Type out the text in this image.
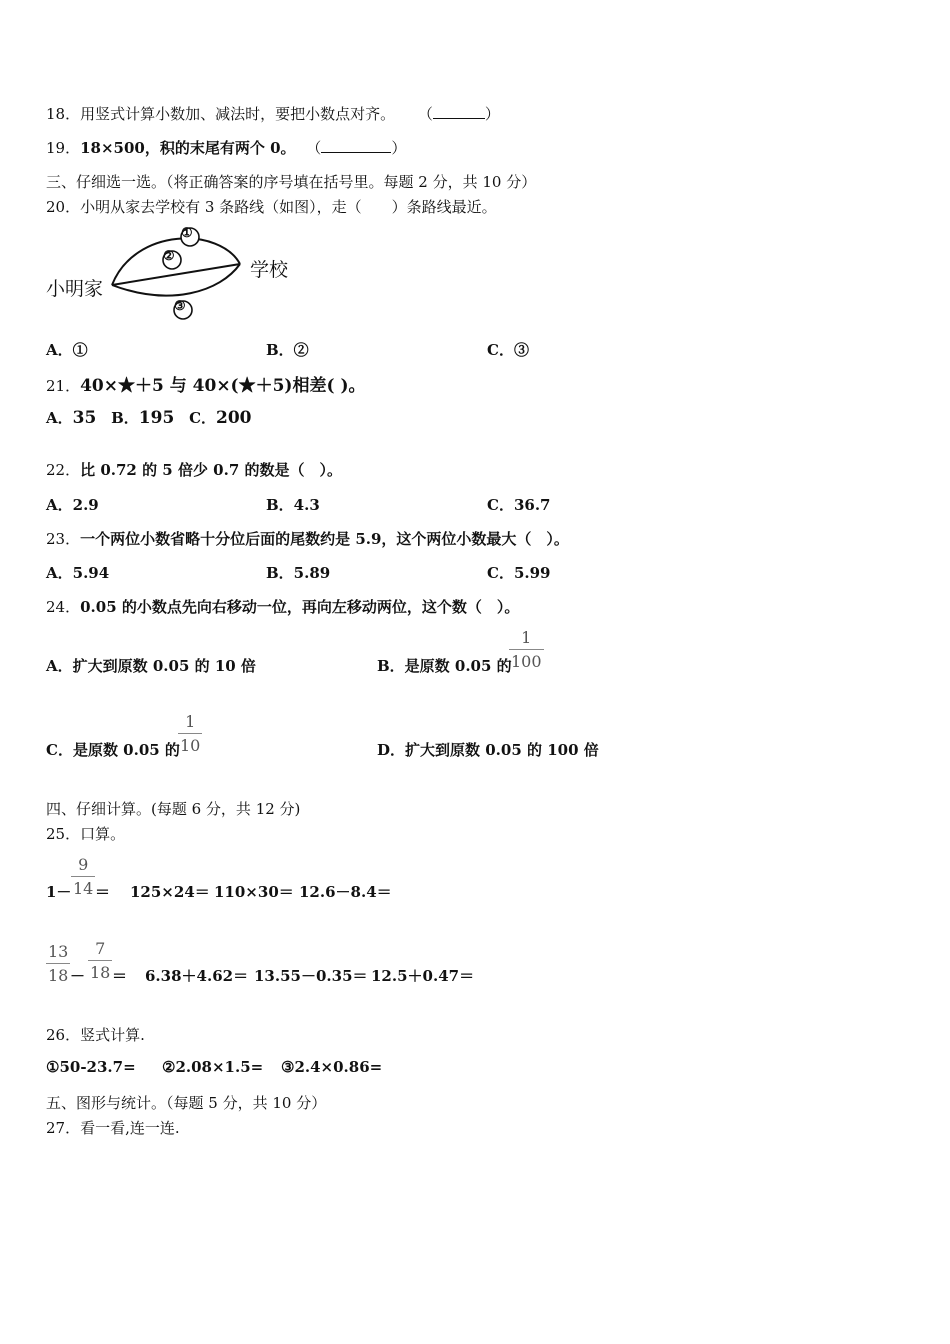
18．用竖式计算小数加、减法时，要把小数点对齐。 （	）
19．18×500，积的末尾有两个 0。 （	）
三、仔细选一选。（将正确答案的序号填在括号里。每题 2 分，共 10 分）
20．小明从家去学校有 3 条路线（如图），走（　　）条路线最近。
①
②
③
小明家
学校
A．①	B．②	C．③
21．40×★＋5 与 40×(★＋5)相差( )。
A．35 B．195 C．200
22．比 0.72 的 5 倍少 0.7 的数是（　）。
A．2.9	B．4.3	C．36.7
23．一个两位小数省略十分位后面的尾数约是 5.9，这个两位小数最大（　）。
A．5.94	B．5.89	C．5.99
24．0.05 的小数点先向右移动一位，再向左移动两位，这个数（　）。
A．扩大到原数 0.05 的 10 倍	B．是原数 0.05 的
1
100
C．是原数 0.05 的
1
10	D．扩大到原数 0.05 的 100 倍
四、仔细计算。(每题 6 分，共 12 分)
25．口算。
1－
9
14 ＝ 125×24＝ 110×30＝ 12.6－8.4＝
13
18 －
7
18 ＝ 6.38＋4.62＝ 13.55－0.35＝ 12.5＋0.47＝
26．竖式计算.
①50-23.7= ②2.08×1.5= ③2.4×0.86=
五、图形与统计。（每题 5 分，共 10 分）
27．看一看,连一连.
